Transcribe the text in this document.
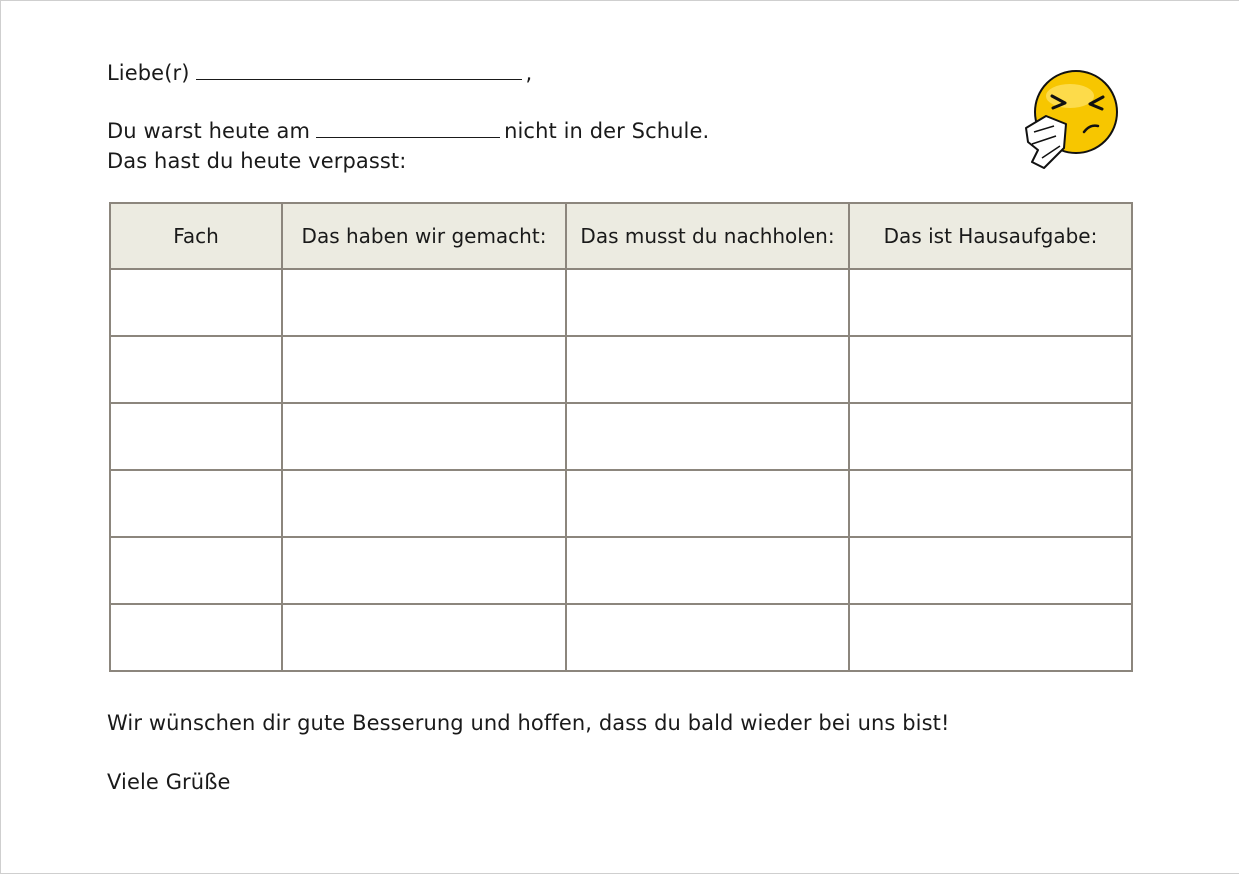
Liebe(r)	,
Du warst heute am	nicht in der Schule.
Das hast du heute verpasst:
Fach	Das haben wir gemacht:	Das musst du nachholen:	Das ist Hausaufgabe:

Wir wünschen dir gute Besserung und hoffen, dass du bald wieder bei uns bist!
Viele Grüße
